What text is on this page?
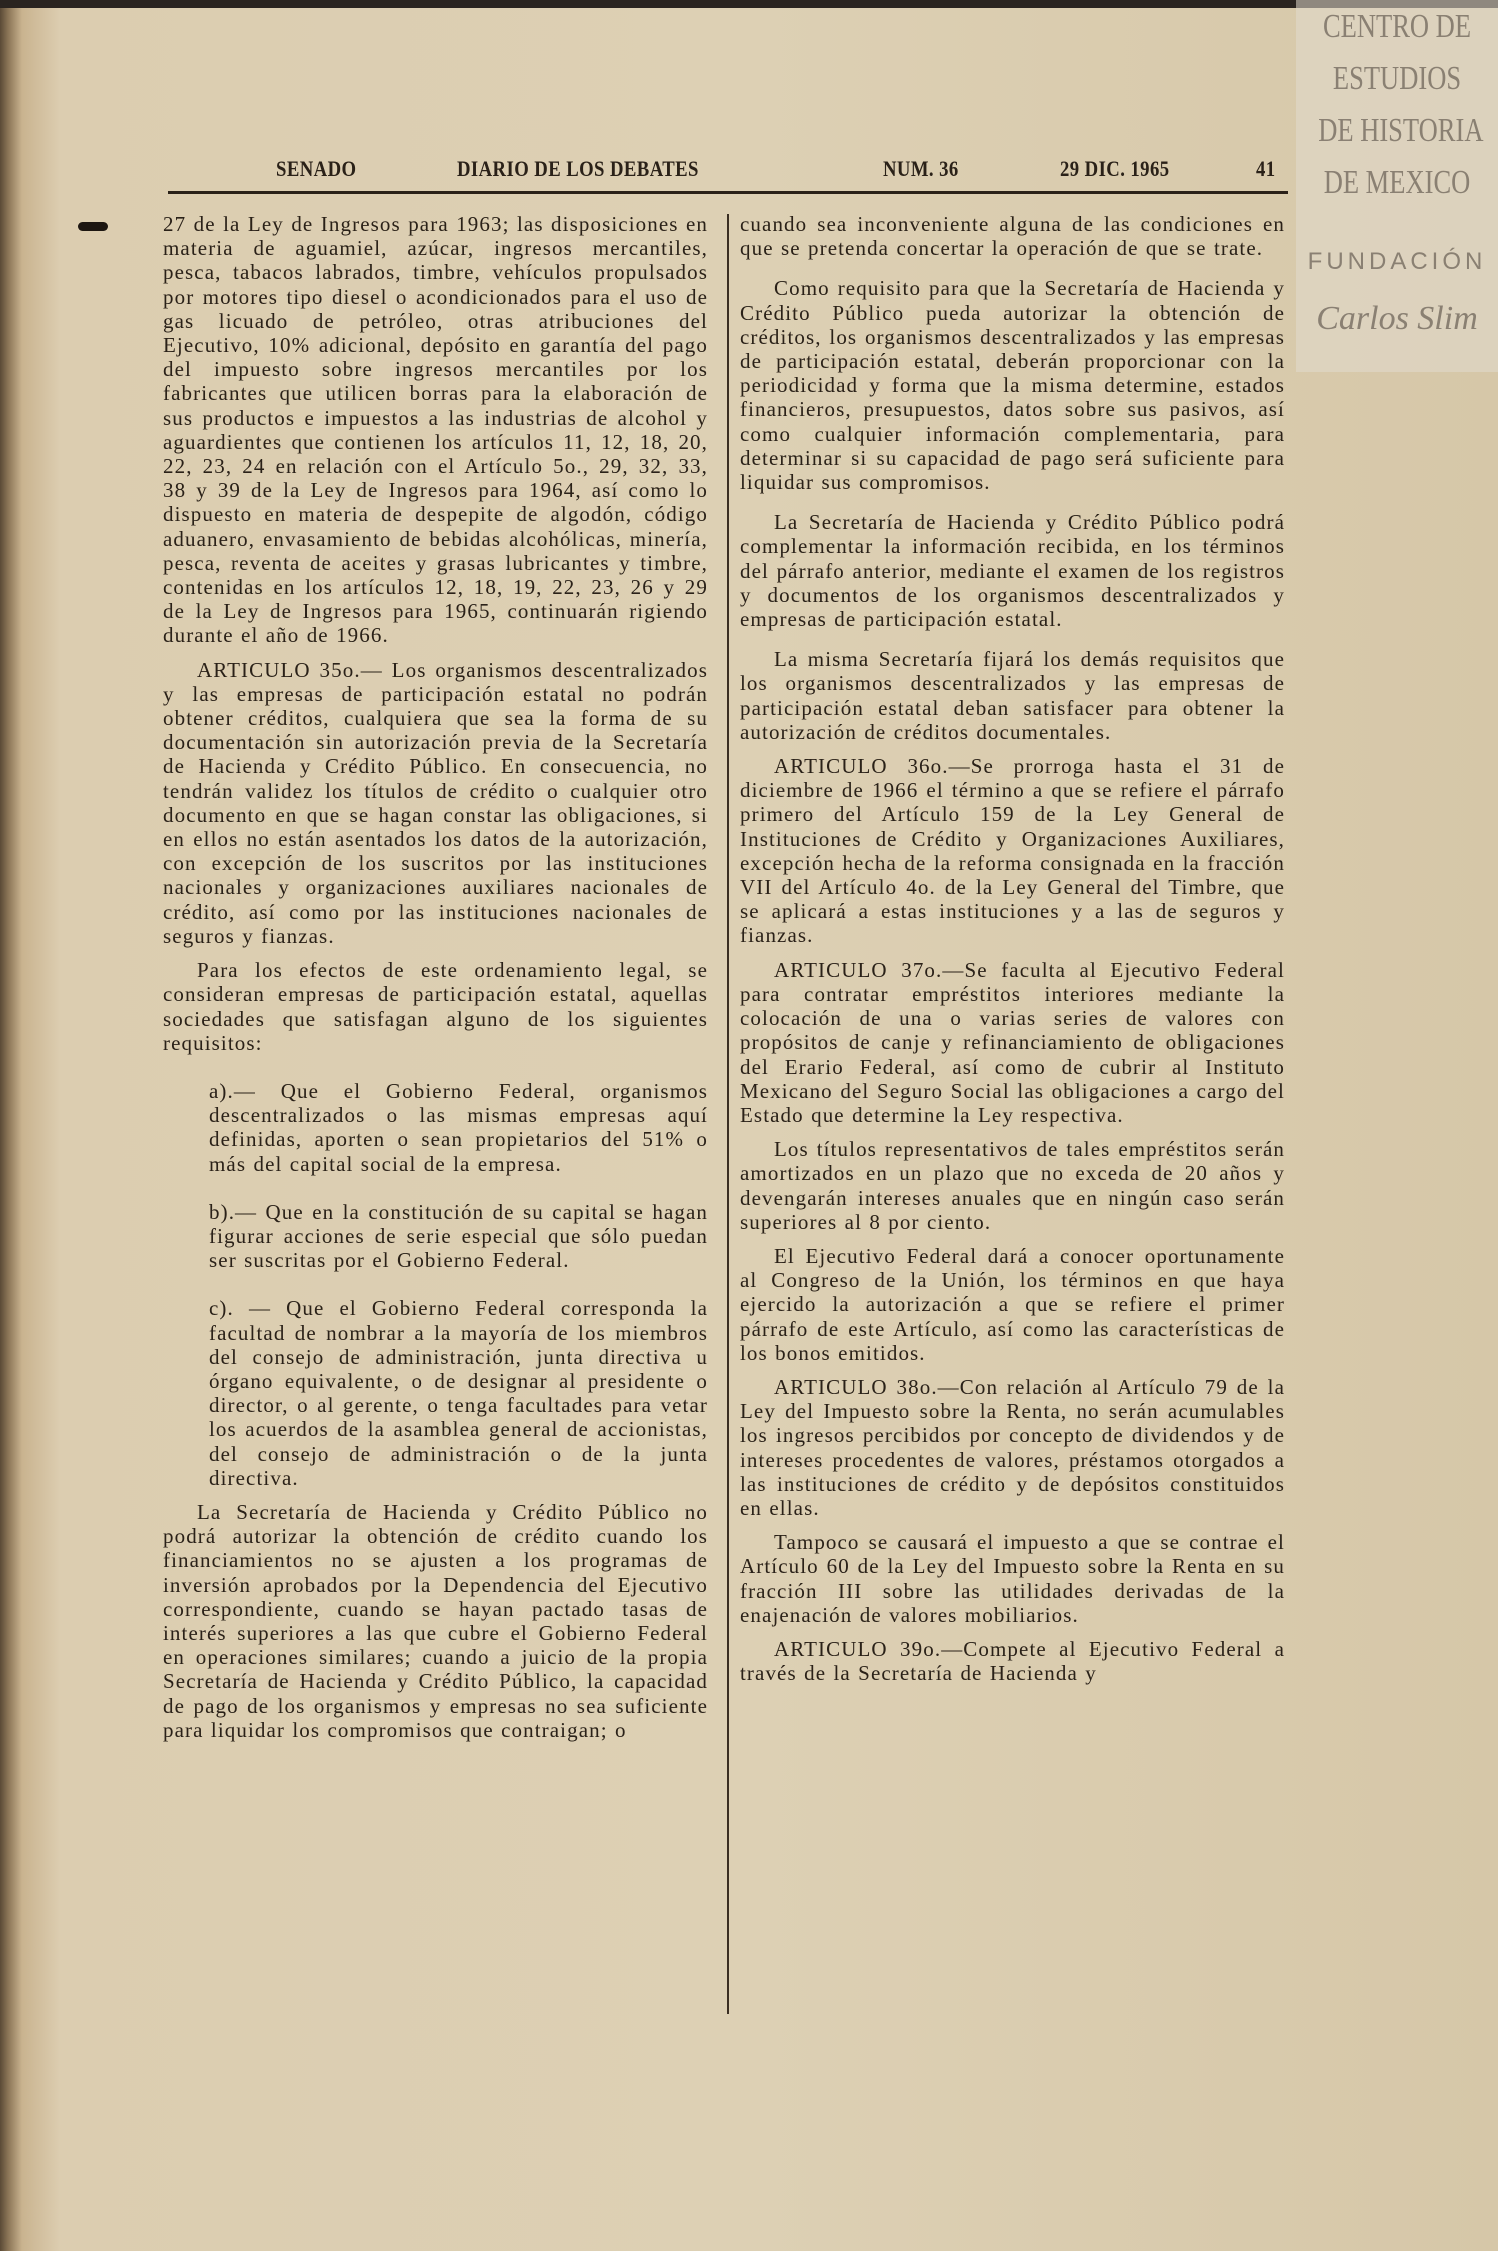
SENADO	DIARIO DE LOS DEBATES	NUM. 36	29 DIC. 1965	41

27 de la Ley de Ingresos para 1963; las disposiciones en materia de aguamiel, azúcar, ingresos mercantiles, pesca, tabacos labrados, timbre, vehículos propulsados por motores tipo diesel o acondicionados para el uso de gas licuado de petróleo, otras atribuciones del Ejecutivo, 10% adicional, depósito en garantía del pago del impuesto sobre ingresos mercantiles por los fabricantes que utilicen borras para la elaboración de sus productos e impuestos a las industrias de alcohol y aguardientes que contienen los artículos 11, 12, 18, 20, 22, 23, 24 en relación con el Artículo 5o., 29, 32, 33, 38 y 39 de la Ley de Ingresos para 1964, así como lo dispuesto en materia de despepite de algodón, código aduanero, envasamiento de bebidas alcohólicas, minería, pesca, reventa de aceites y grasas lubricantes y timbre, contenidas en los artículos 12, 18, 19, 22, 23, 26 y 29 de la Ley de Ingresos para 1965, continuarán rigiendo durante el año de 1966.

ARTICULO 35o.— Los organismos descentralizados y las empresas de participación estatal no podrán obtener créditos, cualquiera que sea la forma de su documentación sin autorización previa de la Secretaría de Hacienda y Crédito Público. En consecuencia, no tendrán validez los títulos de crédito o cualquier otro documento en que se hagan constar las obligaciones, si en ellos no están asentados los datos de la autorización, con excepción de los suscritos por las instituciones nacionales y organizaciones auxiliares nacionales de crédito, así como por las instituciones nacionales de seguros y fianzas.

Para los efectos de este ordenamiento legal, se consideran empresas de participación estatal, aquellas sociedades que satisfagan alguno de los siguientes requisitos:

a).— Que el Gobierno Federal, organismos descentralizados o las mismas empresas aquí definidas, aporten o sean propietarios del 51% o más del capital social de la empresa.

b).— Que en la constitución de su capital se hagan figurar acciones de serie especial que sólo puedan ser suscritas por el Gobierno Federal.

c). — Que el Gobierno Federal corresponda la facultad de nombrar a la mayoría de los miembros del consejo de administración, junta directiva u órgano equivalente, o de designar al presidente o director, o al gerente, o tenga facultades para vetar los acuerdos de la asamblea general de accionistas, del consejo de administración o de la junta directiva.

La Secretaría de Hacienda y Crédito Público no podrá autorizar la obtención de crédito cuando los financiamientos no se ajusten a los programas de inversión aprobados por la Dependencia del Ejecutivo correspondiente, cuando se hayan pactado tasas de interés superiores a las que cubre el Gobierno Federal en operaciones similares; cuando a juicio de la propia Secretaría de Hacienda y Crédito Público, la capacidad de pago de los organismos y empresas no sea suficiente para liquidar los compromisos que contraigan; o

cuando sea inconveniente alguna de las condiciones en que se pretenda concertar la operación de que se trate.

Como requisito para que la Secretaría de Hacienda y Crédito Público pueda autorizar la obtención de créditos, los organismos descentralizados y las empresas de participación estatal, deberán proporcionar con la periodicidad y forma que la misma determine, estados financieros, presupuestos, datos sobre sus pasivos, así como cualquier información complementaria, para determinar si su capacidad de pago será suficiente para liquidar sus compromisos.

La Secretaría de Hacienda y Crédito Público podrá complementar la información recibida, en los términos del párrafo anterior, mediante el examen de los registros y documentos de los organismos descentralizados y empresas de participación estatal.

La misma Secretaría fijará los demás requisitos que los organismos descentralizados y las empresas de participación estatal deban satisfacer para obtener la autorización de créditos documentales.

ARTICULO 36o.—Se prorroga hasta el 31 de diciembre de 1966 el término a que se refiere el párrafo primero del Artículo 159 de la Ley General de Instituciones de Crédito y Organizaciones Auxiliares, excepción hecha de la reforma consignada en la fracción VII del Artículo 4o. de la Ley General del Timbre, que se aplicará a estas instituciones y a las de seguros y fianzas.

ARTICULO 37o.—Se faculta al Ejecutivo Federal para contratar empréstitos interiores mediante la colocación de una o varias series de valores con propósitos de canje y refinanciamiento de obligaciones del Erario Federal, así como de cubrir al Instituto Mexicano del Seguro Social las obligaciones a cargo del Estado que determine la Ley respectiva.

Los títulos representativos de tales empréstitos serán amortizados en un plazo que no exceda de 20 años y devengarán intereses anuales que en ningún caso serán superiores al 8 por ciento.

El Ejecutivo Federal dará a conocer oportunamente al Congreso de la Unión, los términos en que haya ejercido la autorización a que se refiere el primer párrafo de este Artículo, así como las características de los bonos emitidos.

ARTICULO 38o.—Con relación al Artículo 79 de la Ley del Impuesto sobre la Renta, no serán acumulables los ingresos percibidos por concepto de dividendos y de intereses procedentes de valores, préstamos otorgados a las instituciones de crédito y de depósitos constituidos en ellas.

Tampoco se causará el impuesto a que se contrae el Artículo 60 de la Ley del Impuesto sobre la Renta en su fracción III sobre las utilidades derivadas de la enajenación de valores mobiliarios.

ARTICULO 39o.—Compete al Ejecutivo Federal a través de la Secretaría de Hacienda y

CENTRO DE
ESTUDIOS
DE HISTORIA
DE MEXICO
FUNDACIÓN
Carlos Slim
